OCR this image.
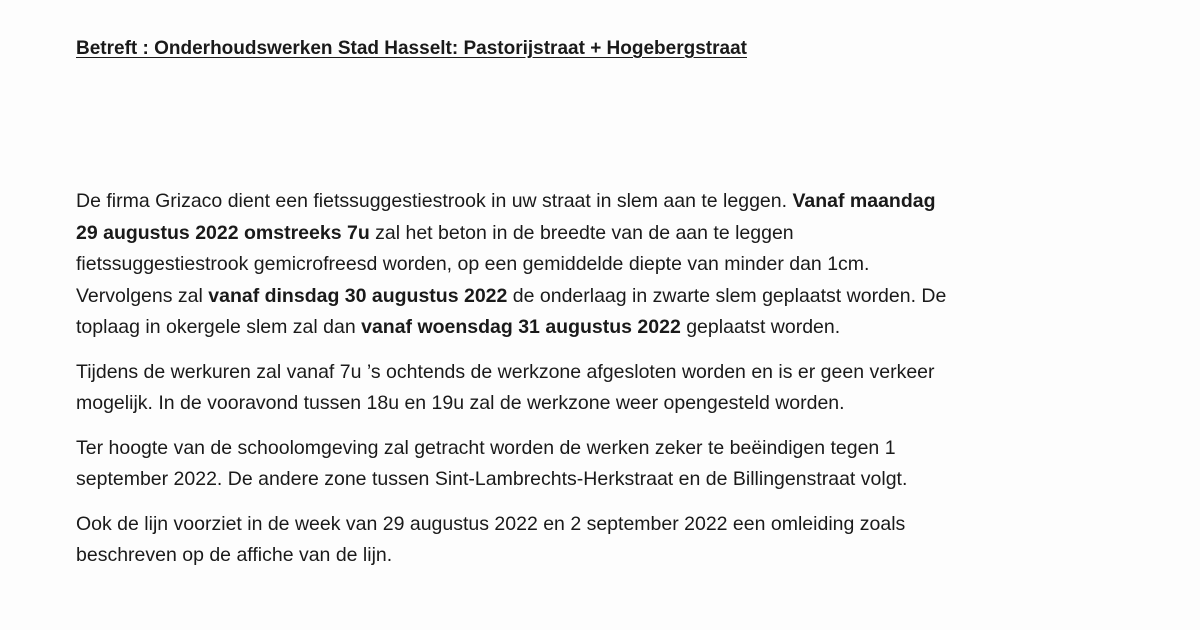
Betreft : Onderhoudswerken Stad Hasselt: Pastorijstraat + Hogebergstraat
De firma Grizaco dient een fietssuggestiestrook in uw straat in slem aan te leggen. Vanaf maandag
29 augustus 2022 omstreeks 7u zal het beton in de breedte van de aan te leggen
fietssuggestiestrook gemicrofreesd worden, op een gemiddelde diepte van minder dan 1cm.
Vervolgens zal vanaf dinsdag 30 augustus 2022 de onderlaag in zwarte slem geplaatst worden. De
toplaag in okergele slem zal dan vanaf woensdag 31 augustus 2022 geplaatst worden.
Tijdens de werkuren zal vanaf 7u ’s ochtends de werkzone afgesloten worden en is er geen verkeer
mogelijk. In de vooravond tussen 18u en 19u zal de werkzone weer opengesteld worden.
Ter hoogte van de schoolomgeving zal getracht worden de werken zeker te beëindigen tegen 1
september 2022. De andere zone tussen Sint-Lambrechts-Herkstraat en de Billingenstraat volgt.
Ook de lijn voorziet in de week van 29 augustus 2022 en 2 september 2022 een omleiding zoals
beschreven op de affiche van de lijn.
